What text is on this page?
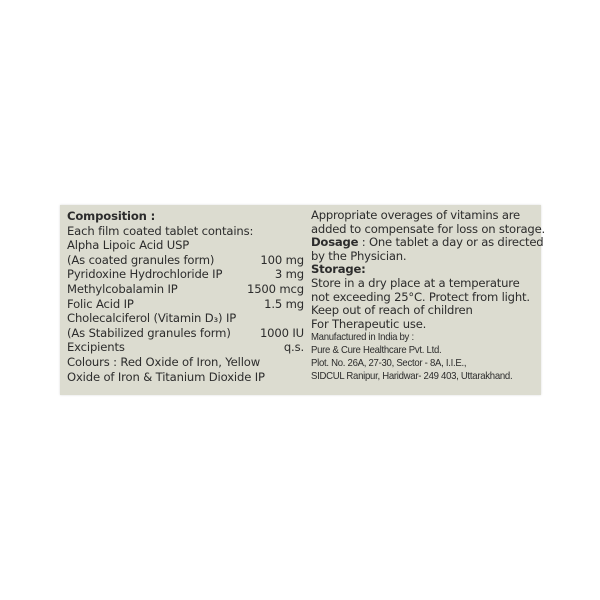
Composition :
Each film coated tablet contains:
Alpha Lipoic Acid USP
(As coated granules form)	100 mg
Pyridoxine Hydrochloride IP	3 mg
Methylcobalamin IP	1500 mcg
Folic Acid IP	1.5 mg
Cholecalciferol (Vitamin D₃) IP
(As Stabilized granules form)	1000 IU
Excipients	q.s.
Colours : Red Oxide of Iron, Yellow
Oxide of Iron & Titanium Dioxide IP
Appropriate overages of vitamins are
added to compensate for loss on storage.
Dosage : One tablet a day or as directed
by the Physician.
Storage:
Store in a dry place at a temperature
not exceeding 25°C. Protect from light.
Keep out of reach of children
For Therapeutic use.
Manufactured in India by :
Pure & Cure Healthcare Pvt. Ltd.
Plot. No. 26A, 27-30, Sector - 8A, I.I.E.,
SIDCUL Ranipur, Haridwar- 249 403, Uttarakhand.
